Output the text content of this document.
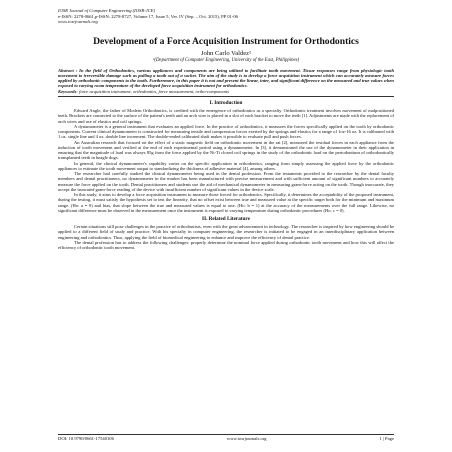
IOSR Journal of Computer Engineering (IOSR-JCE)
e-ISSN: 2278-0661,p-ISSN: 2278-8727, Volume 17, Issue 5, Ver. IV (Sep. – Oct. 2015), PP 01-06
www.iosrjournals.org
Development of a Force Acquisition Instrument for Orthodontics
John Carlo Valdez¹
¹(Department of Computer Engineering, University of the East, Philippines)
Abstract : In the field of Orthodontics, various appliances and components are being utilized to facilitate tooth movement. Tissue responses range from physiologic tooth movement to irreversible damage such as pulling a tooth out of a socket. The aim of the study is to develop a force acquisition instrument which can accurately measure forces applied by orthodontic components to the tooth. Furthermore, in this paper it is not and present the linear, inter, and significant difference on the measured and true values when exposed to varying room temperature of the developed force acquisition instrument for orthodontics.
Keywords: force acquisition instrument, orthodontics, force measurement, ortho-components
I. Introduction

Edward Angle, the father of Modern Orthodontics, is credited with the emergence of orthodontics as a specialty. Orthodontic treatment involves movement of malpositioned teeth. Brackets are connected to the surface of the patient's teeth and an arch wire is placed in a slot of each bracket to move the teeth [1]. Adjustments are made with the replacement of arch wires and use of elastics and coil springs.

A dynamometer is a general instrument that evaluates an applied force. In the practice of orthodontics, it measures the forces specifically applied on the tooth by orthodontic components. Current clinical dynamometer is constructed for measuring tensile and compression forces exerted by the springs and elastics for a range of 1oz-16 oz. It is calibrated with 1 oz. single line and 4 oz. double line increment. The double-ended calibrated shaft makes it possible to evaluate pull and push forces.

An Australian research that focused on the effect of a static magnetic field on orthodontic movement in the rat [2], measured the residual forces in each appliance from the induction of tooth movement and verified at the end of each experimental period using a dynamometer. In [3], it demonstrated the use of the dynamometer in their application in ensuring that the magnitude of load was always 85g from the force applied by the Ni-Ti closed coil springs in the study of the orthodontic load on the periodontium of orthodontically transplanted teeth in beagle dogs.

In general, the clinical dynamometer's capability varies on the specific application in orthodontics, ranging from simply assessing the applied force by the orthodontic appliances to estimate the tooth movement output to standardizing the thickness of adhesive material [4], among others.

The researcher had carefully studied the clinical dynamometer being used in the dental profession. From the testaments provided to the researcher by the dental faculty members and dental practitioners, no dynamometer in the market has been manufactured with precise measurement and with sufficient amount of significant numbers to accurately measure the force applied on the tooth. Dental practitioners and students use the aid of mechanical dynamometer in measuring gram-force acting on the tooth. Though inaccurate, they accept the truncated gram-force reading of the device with insufficient number of significant values in the device scale.

In this study, it aims to develop a force acquisition instrument to measure those forced for orthodontics. Specifically, it determines the acceptability of the proposed instrument, during the testing, it must satisfy the hypothesis set to test the linearity, that no offset exist between true and measured value at the specific target both for the minimum and maximum range. (Ho: a = 0) and bias, that slope between the true and measured values is equal to one. (Ho: b = 1) at the accuracy of the measurements over the full range. Likewise, no significant difference must be observed in the measurement once the instrument is exposed to varying temperature during orthodontic procedures (Ho: c = 0).

II. Related Literature

Certain situations still pose challenges in the practice of orthodontists, even with the great advancement in technology. The researcher is inspired by how engineering should be applied to a different field of study and practice. With his specialty in computer engineering, the researcher is initiated to be engaged in an interdisciplinary application between engineering and orthodontics. Thus, applying the field of biomedical engineering to enhance and improve the efficiency of dental practice.

The dental profession has to address the following challenges: properly determine the nominal force applied during orthodontic tooth movement and how this will affect the efficiency of orthodontic tooth movement.

DOI: 10.9790/0661-17540106	www.iosrjournals.org	1 | Page
